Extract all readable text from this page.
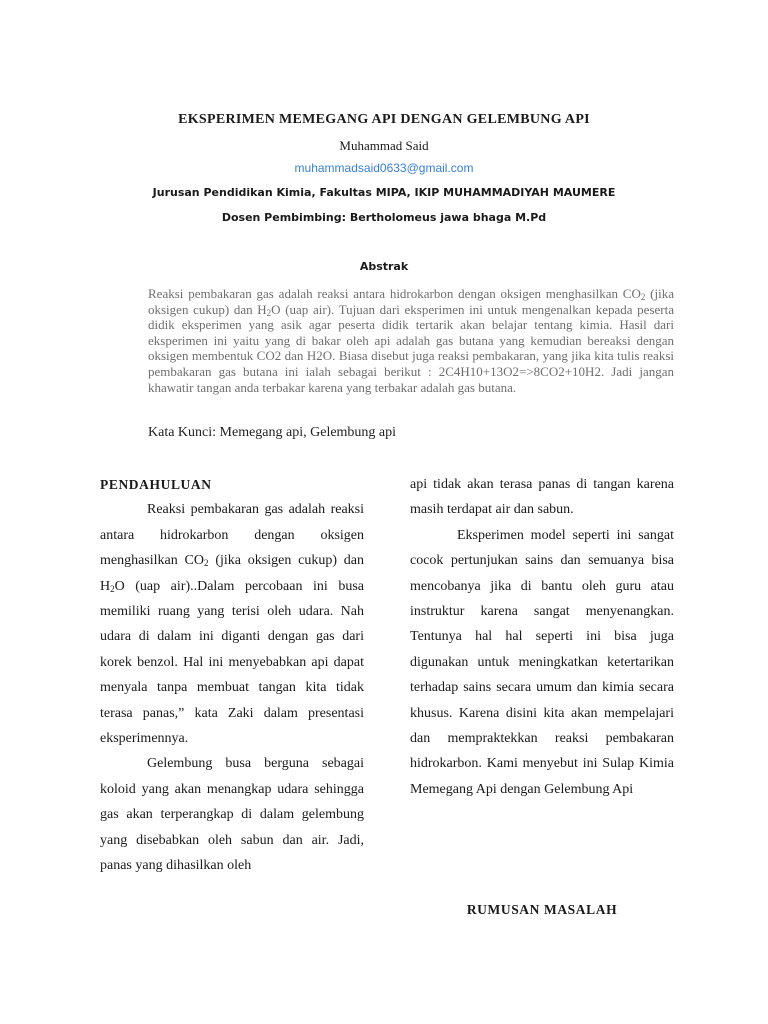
EKSPERIMEN MEMEGANG API DENGAN GELEMBUNG API
Muhammad Said
muhammadsaid0633@gmail.com
Jurusan Pendidikan Kimia, Fakultas MIPA, IKIP MUHAMMADIYAH MAUMERE
Dosen Pembimbing: Bertholomeus jawa bhaga M.Pd
Abstrak
Reaksi pembakaran gas adalah reaksi antara hidrokarbon dengan oksigen menghasilkan $CO_2$ (jika oksigen cukup) dan $H_2O$ (uap air). Tujuan dari eksperimen ini untuk mengenalkan kepada peserta didik eksperimen yang asik agar peserta didik tertarik akan belajar tentang kimia. Hasil dari eksperimen ini yaitu yang di bakar oleh api adalah gas butana yang kemudian bereaksi dengan oksigen membentuk CO2 dan H2O. Biasa disebut juga reaksi pembakaran, yang jika kita tulis reaksi pembakaran gas butana ini ialah sebagai berikut : 2C4H10+13O2=>8CO2+10H2. Jadi jangan khawatir tangan anda terbakar karena yang terbakar adalah gas butana.
Kata Kunci: Memegang api, Gelembung api

PENDAHULUAN

Reaksi pembakaran gas adalah reaksi antara hidrokarbon dengan oksigen menghasilkan $CO_2$ (jika oksigen cukup) dan $H_2O$ (uap air)..Dalam percobaan ini busa memiliki ruang yang terisi oleh udara. Nah udara di dalam ini diganti dengan gas dari korek benzol. Hal ini menyebabkan api dapat menyala tanpa membuat tangan kita tidak terasa panas,” kata Zaki dalam presentasi eksperimennya.

Gelembung busa berguna sebagai koloid yang akan menangkap udara sehingga gas akan terperangkap di dalam gelembung yang disebabkan oleh sabun dan air. Jadi, panas yang dihasilkan oleh

api tidak akan terasa panas di tangan karena masih terdapat air dan sabun.

Eksperimen model seperti ini sangat cocok pertunjukan sains dan semuanya bisa mencobanya jika di bantu oleh guru atau instruktur karena sangat menyenangkan. Tentunya hal hal seperti ini bisa juga digunakan untuk meningkatkan ketertarikan terhadap sains secara umum dan kimia secara khusus. Karena disini kita akan mempelajari dan mempraktekkan reaksi pembakaran hidrokarbon. Kami menyebut ini Sulap Kimia Memegang Api dengan Gelembung Api

RUMUSAN MASALAH
